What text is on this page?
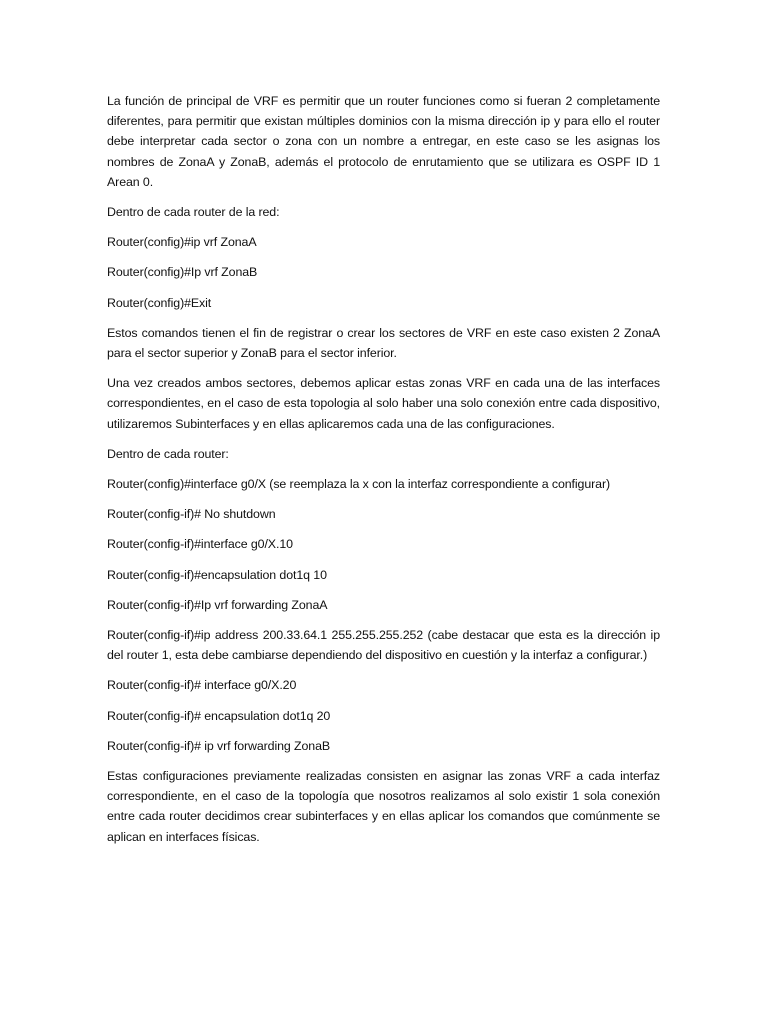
La función de principal de VRF es permitir que un router funciones como si fueran 2 completamente diferentes, para permitir que existan múltiples dominios con la misma dirección ip y para ello el router debe interpretar cada sector o zona con un nombre a entregar, en este caso se les asignas los nombres de ZonaA y ZonaB, además el protocolo de enrutamiento que se utilizara es OSPF ID 1 Arean 0.

Dentro de cada router de la red:

Router(config)#ip vrf ZonaA

Router(config)#Ip vrf ZonaB

Router(config)#Exit

Estos comandos tienen el fin de registrar o crear los sectores de VRF en este caso existen 2 ZonaA para el sector superior y ZonaB para el sector inferior.

Una vez creados ambos sectores, debemos aplicar estas zonas VRF en cada una de las interfaces correspondientes, en el caso de esta topologia al solo haber una solo conexión entre cada dispositivo, utilizaremos Subinterfaces y en ellas aplicaremos cada una de las configuraciones.

Dentro de cada router:

Router(config)#interface g0/X (se reemplaza la x con la interfaz correspondiente a configurar)

Router(config-if)# No shutdown

Router(config-if)#interface g0/X.10

Router(config-if)#encapsulation dot1q 10

Router(config-if)#Ip vrf forwarding ZonaA

Router(config-if)#ip address 200.33.64.1 255.255.255.252 (cabe destacar que esta es la dirección ip del router 1, esta debe cambiarse dependiendo del dispositivo en cuestión y la interfaz a configurar.)

Router(config-if)# interface g0/X.20

Router(config-if)# encapsulation dot1q 20

Router(config-if)# ip vrf forwarding ZonaB

Estas configuraciones previamente realizadas consisten en asignar las zonas VRF a cada interfaz correspondiente, en el caso de la topología que nosotros realizamos al solo existir 1 sola conexión entre cada router decidimos crear subinterfaces y en ellas aplicar los comandos que comúnmente se aplican en interfaces físicas.
